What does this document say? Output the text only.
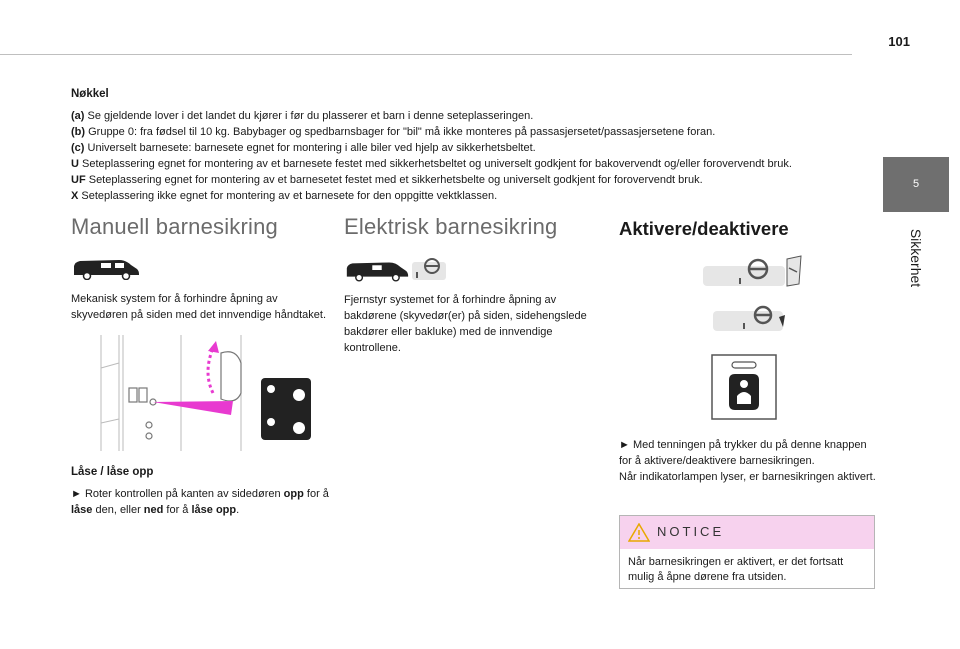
101
5
Sikkerhet
Nøkkel
(a) Se gjeldende lover i det landet du kjører i før du plasserer et barn i denne seteplasseringen.
(b) Gruppe 0: fra fødsel til 10 kg. Babybager og spedbarnsbager for "bil" må ikke monteres på passasjersetet/passasjersetene foran.
(c) Universelt barnesete: barnesete egnet for montering i alle biler ved hjelp av sikkerhetsbeltet.
U Seteplassering egnet for montering av et barnesete festet med sikkerhetsbeltet og universelt godkjent for bakovervendt og/eller forovervendt bruk.
UF Seteplassering egnet for montering av et barnesetet festet med et sikkerhetsbelte og universelt godkjent for forovervendt bruk.
X Seteplassering ikke egnet for montering av et barnesete for den oppgitte vektklassen.
Manuell barnesikring
Mekanisk system for å forhindre åpning av skyvedøren på siden med det innvendige håndtaket.
Låse / låse opp
► Roter kontrollen på kanten av sidedøren opp for å låse den, eller ned for å låse opp.
Elektrisk barnesikring
Fjernstyr systemet for å forhindre åpning av bakdørene (skyvedør(er) på siden, sidehengslede bakdører eller bakluke) med de innvendige kontrollene.
Aktivere/deaktivere

► Med tenningen på trykker du på denne knappen for å aktivere/deaktivere barnesikringen.
Når indikatorlampen lyser, er barnesikringen aktivert.
NOTICE
Når barnesikringen er aktivert, er det fortsatt mulig å åpne dørene fra utsiden.
